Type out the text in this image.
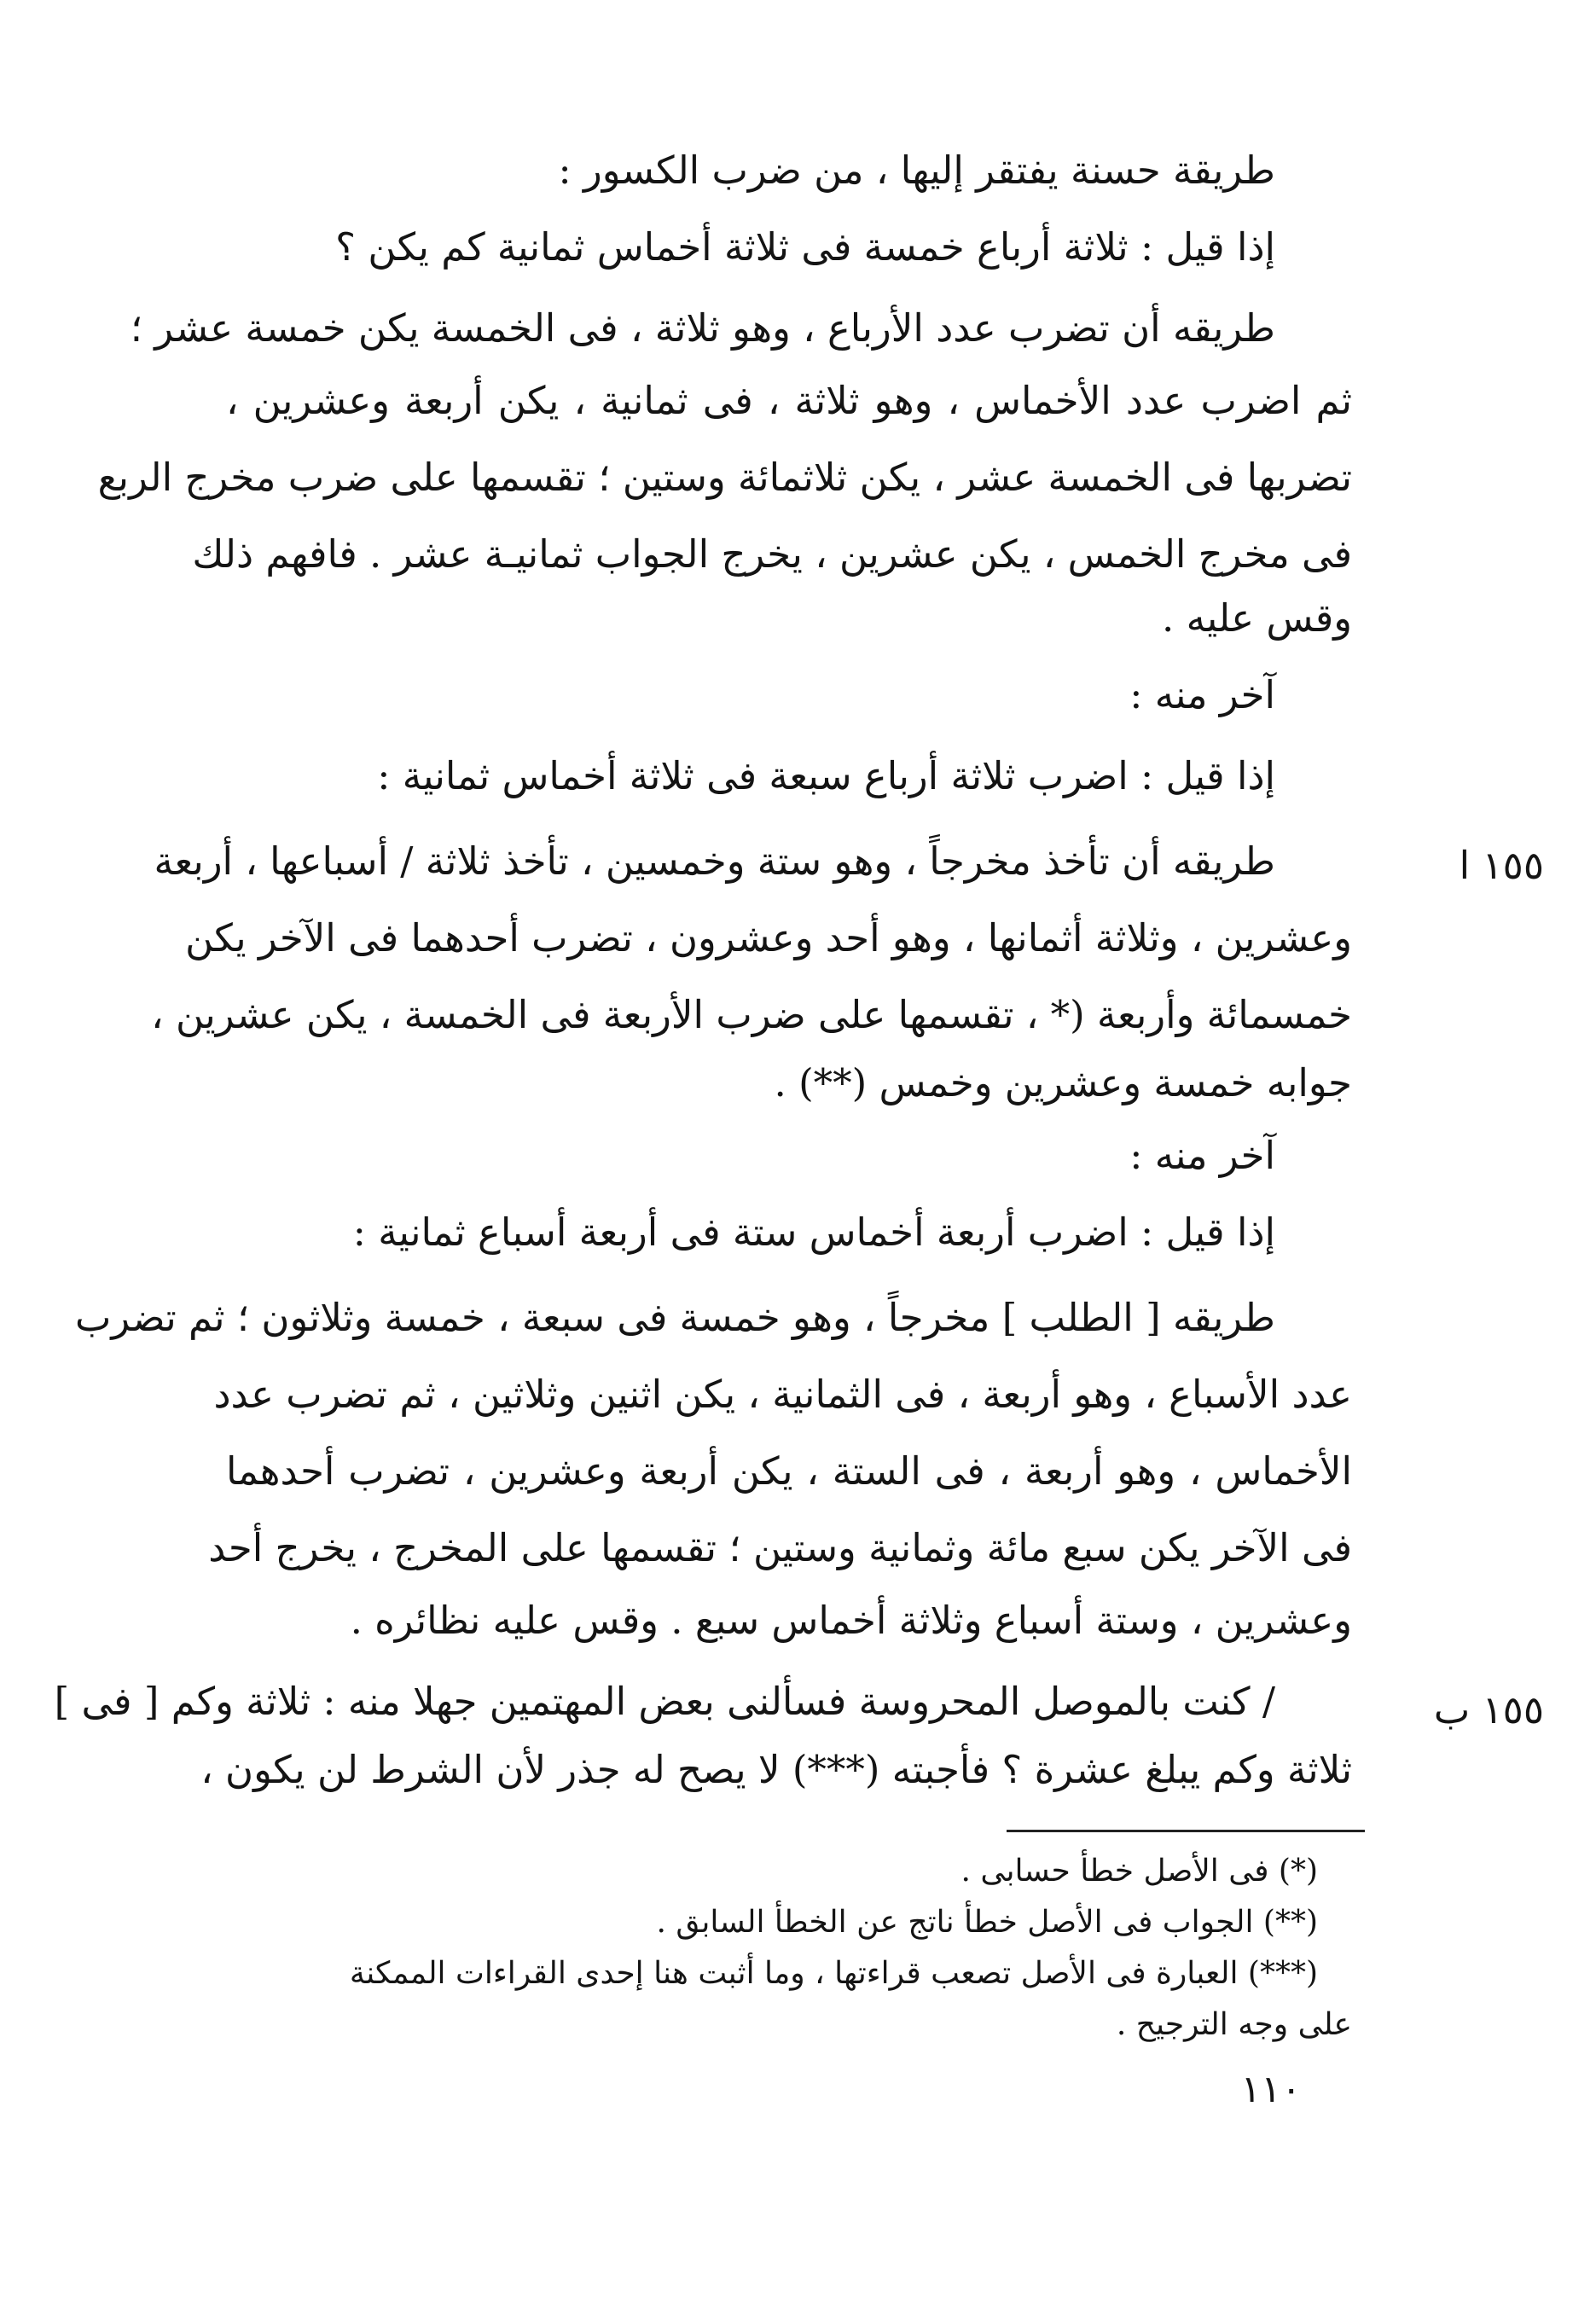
طريقة حسنة يفتقر إليها ، من ضرب الكسور :
إذا قيل : ثلاثة أرباع خمسة فى ثلاثة أخماس ثمانية كم يكن ؟
طريقه أن تضرب عدد الأرباع ، وهو ثلاثة ، فى الخمسة يكن خمسة عشر ؛
ثم اضرب عدد الأخماس ، وهو ثلاثة ، فى ثمانية ، يكن أربعة وعشرين ،
تضربها فى الخمسة عشر ، يكن ثلاثمائة وستين ؛ تقسمها على ضرب مخرج الربع
فى مخرج الخمس ، يكن عشرين ، يخرج الجواب ثمانيـة عشر . فافهم ذلك
وقس عليه .
آخر منه :
إذا قيل : اضرب ثلاثة أرباع سبعة فى ثلاثة أخماس ثمانية :
طريقه أن تأخذ مخرجاً ، وهو ستة وخمسين ، تأخذ ثلاثة / أسباعها ، أربعة
وعشرين ، وثلاثة أثمانها ، وهو أحد وعشرون ، تضرب أحدهما فى الآخر يكن
خمسمائة وأربعة (* ، تقسمها على ضرب الأربعة فى الخمسة ، يكن عشرين ،
جوابه خمسة وعشرين وخمس (**) .
آخر منه :
إذا قيل : اضرب أربعة أخماس ستة فى أربعة أسباع ثمانية :
طريقه [ الطلب ] مخرجاً ، وهو خمسة فى سبعة ، خمسة وثلاثون ؛ ثم تضرب
عدد الأسباع ، وهو أربعة ، فى الثمانية ، يكن اثنين وثلاثين ، ثم تضرب عدد
الأخماس ، وهو أربعة ، فى الستة ، يكن أربعة وعشرين ، تضرب أحدهما
فى الآخر يكن سبع مائة وثمانية وستين ؛ تقسمها على المخرج ، يخرج أحد
وعشرين ، وستة أسباع وثلاثة أخماس سبع . وقس عليه نظائره .
/ كنت بالموصل المحروسة فسألنى بعض المهتمين جهلا منه : ثلاثة وكم [ فى ]
ثلاثة وكم يبلغ عشرة ؟ فأجبته (***) لا يصح له جذر لأن الشرط لن يكون ،
١٥٥ ا
١٥٥ ب
(*) فى الأصل خطأ حسابى .
(**) الجواب فى الأصل خطأ ناتج عن الخطأ السابق .
(***) العبارة فى الأصل تصعب قراءتها ، وما أثبت هنا إحدى القراءات الممكنة
على وجه الترجيح .
١١٠
